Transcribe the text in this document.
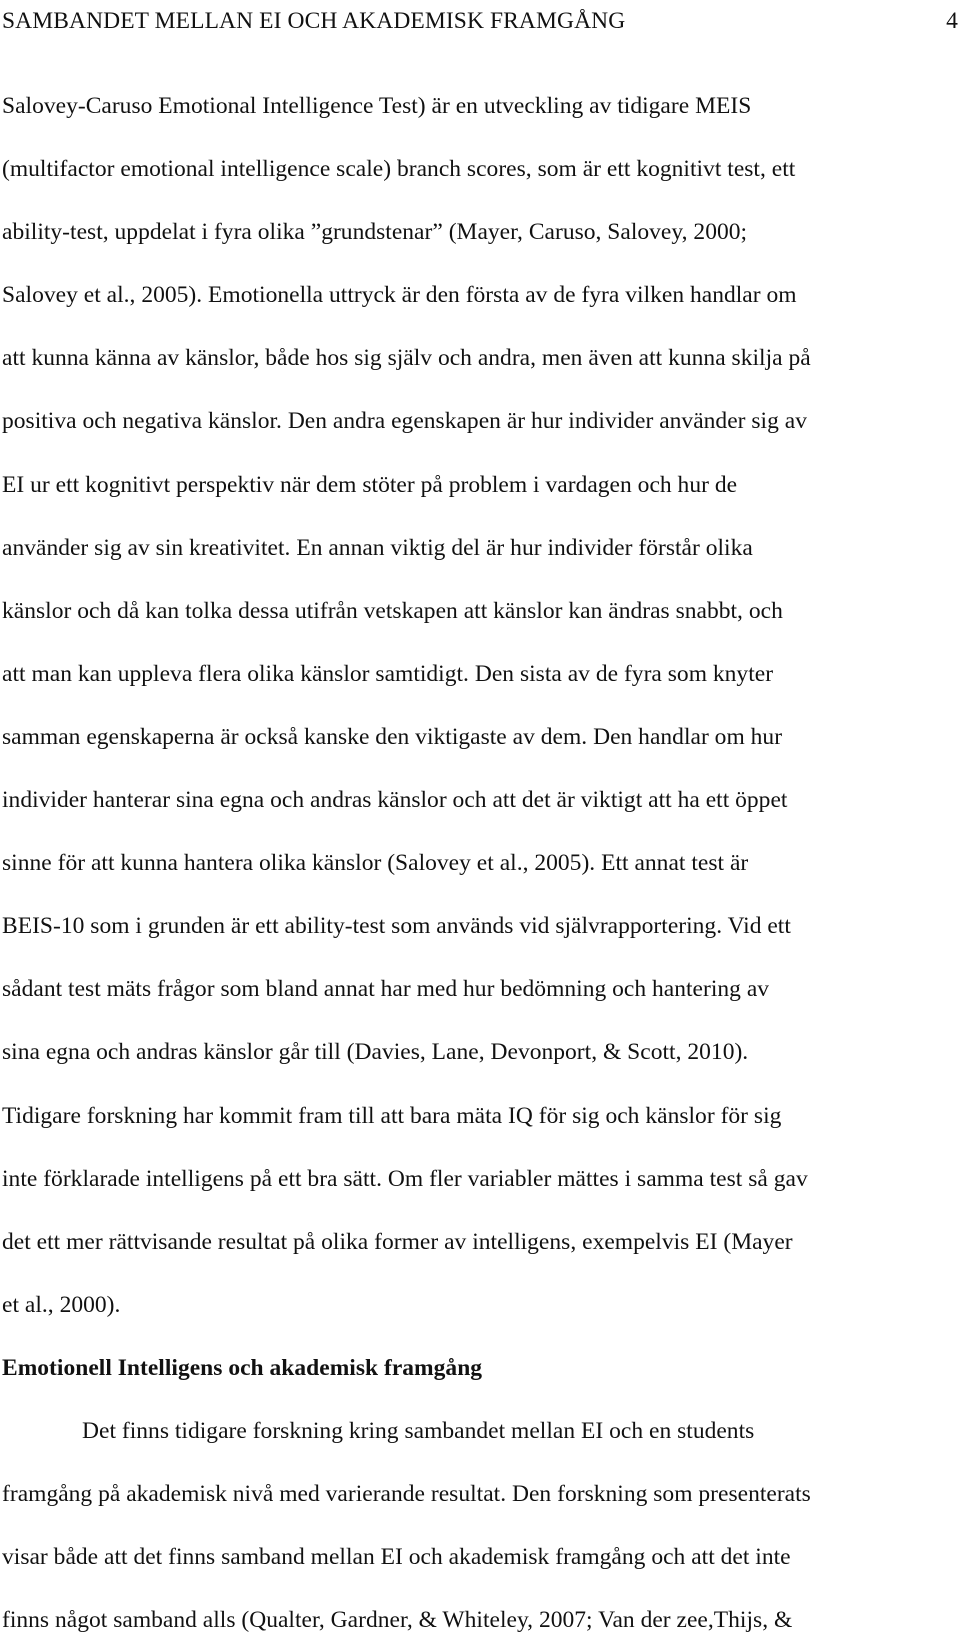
SAMBANDET MELLAN EI OCH AKADEMISK FRAMGÅNG	4
Salovey-Caruso Emotional Intelligence Test) är en utveckling av tidigare MEIS
(multifactor emotional intelligence scale) branch scores, som är ett kognitivt test, ett
ability-test, uppdelat i fyra olika ”grundstenar” (Mayer, Caruso, Salovey, 2000;
Salovey et al., 2005). Emotionella uttryck är den första av de fyra vilken handlar om
att kunna känna av känslor, både hos sig själv och andra, men även att kunna skilja på
positiva och negativa känslor. Den andra egenskapen är hur individer använder sig av
EI ur ett kognitivt perspektiv när dem stöter på problem i vardagen och hur de
använder sig av sin kreativitet. En annan viktig del är hur individer förstår olika
känslor och då kan tolka dessa utifrån vetskapen att känslor kan ändras snabbt, och
att man kan uppleva flera olika känslor samtidigt. Den sista av de fyra som knyter
samman egenskaperna är också kanske den viktigaste av dem. Den handlar om hur
individer hanterar sina egna och andras känslor och att det är viktigt att ha ett öppet
sinne för att kunna hantera olika känslor (Salovey et al., 2005). Ett annat test är
BEIS-10 som i grunden är ett ability-test som används vid självrapportering. Vid ett
sådant test mäts frågor som bland annat har med hur bedömning och hantering av
sina egna och andras känslor går till (Davies, Lane, Devonport, & Scott, 2010).
Tidigare forskning har kommit fram till att bara mäta IQ för sig och känslor för sig
inte förklarade intelligens på ett bra sätt. Om fler variabler mättes i samma test så gav
det ett mer rättvisande resultat på olika former av intelligens, exempelvis EI (Mayer
et al., 2000).
Emotionell Intelligens och akademisk framgång
Det finns tidigare forskning kring sambandet mellan EI och en students
framgång på akademisk nivå med varierande resultat. Den forskning som presenterats
visar både att det finns samband mellan EI och akademisk framgång och att det inte
finns något samband alls (Qualter, Gardner, & Whiteley, 2007; Van der zee,Thijs, &
